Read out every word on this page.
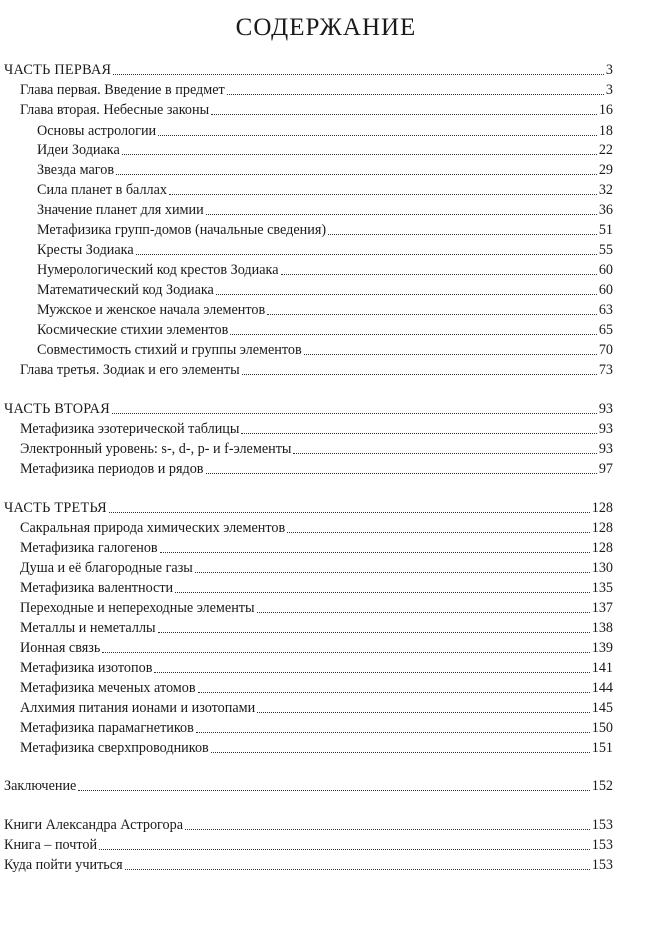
СОДЕРЖАНИЕ
ЧАСТЬ ПЕРВАЯ	3
Глава первая. Введение в предмет	3
Глава вторая. Небесные законы	16
Основы астрологии	18
Идеи Зодиака	22
Звезда магов	29
Сила планет в баллах	32
Значение планет для химии	36
Метафизика групп-домов (начальные сведения)	51
Кресты Зодиака	55
Нумерологический код крестов Зодиака	60
Математический код Зодиака	60
Мужское и женское начала элементов	63
Космические стихии элементов	65
Совместимость стихий и группы элементов	70
Глава третья. Зодиак и его элементы	73
ЧАСТЬ ВТОРАЯ	93
Метафизика эзотерической таблицы	93
Электронный уровень: s-, d-, p- и f-элементы	93
Метафизика периодов и рядов	97
ЧАСТЬ ТРЕТЬЯ	128
Сакральная природа химических элементов	128
Метафизика галогенов	128
Душа и её благородные газы	130
Метафизика валентности	135
Переходные и непереходные элементы	137
Металлы и неметаллы	138
Ионная связь	139
Метафизика изотопов	141
Метафизика меченых атомов	144
Алхимия питания ионами и изотопами	145
Метафизика парамагнетиков	150
Метафизика сверхпроводников	151
Заключение	152
Книги Александра Астрогора	153
Книга – почтой	153
Куда пойти учиться	153
